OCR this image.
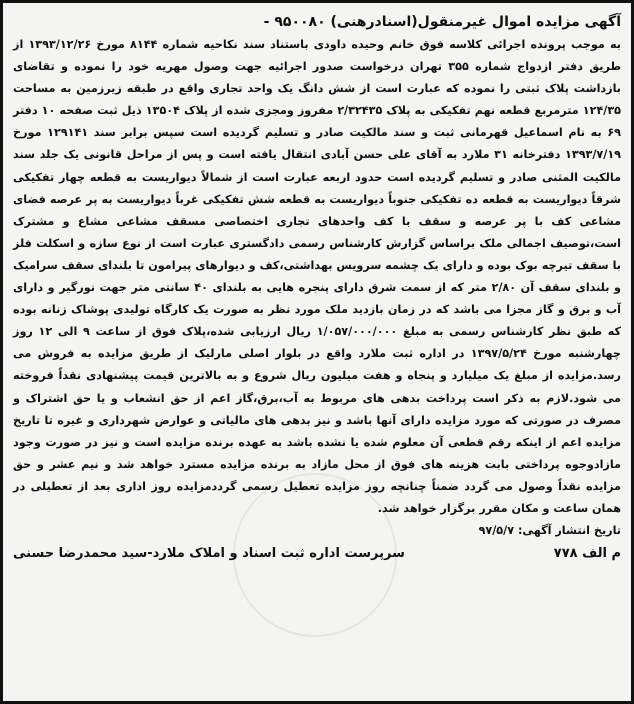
آگهی مزایده اموال غیرمنقول(اسنادرهنی) ۹۵۰۰۸۰ -

به موجب پرونده اجرائی کلاسه فوق خانم وحیده داودی باستناد سند نکاحیه شماره ۸۱۴۴ مورخ ۱۳۹۳/۱۲/۲۶ از طریق دفتر ازدواج شماره ۳۵۵ تهران درخواست صدور اجرائیه جهت وصول مهریه خود را نموده و تقاضای بازداشت پلاک ثبتی را نموده که عبارت است از شش دانگ یک واحد تجاری واقع در طبقه زیرزمین به مساحت ۱۲۴/۳۵ مترمربع قطعه نهم تفکیکی به پلاک ۲/۳۲۴۳۵ مفروز ومجزی شده از پلاک ۱۳۵۰۴ ذیل ثبت صفحه ۱۰ دفتر ۶۹ به نام اسماعیل قهرمانی ثبت و سند مالکیت صادر و تسلیم گردیده است سپس برابر سند ۱۲۹۱۴۱ مورخ ۱۳۹۳/۷/۱۹ دفترخانه ۳۱ ملارد به آقای علی حسن آبادی انتقال یافته است و پس از مراحل قانونی یک جلد سند مالکیت المثنی صادر و تسلیم گردیده است حدود اربعه عبارت است از شمالاً دیواریست به قطعه چهار تفکیکی شرقاً دیواریست به قطعه ده تفکیکی جنوباً دیواریست به قطعه شش تفکیکی غرباً دیواریست به پر عرصه فضای مشاعی کف با پر عرصه و سقف با کف واحدهای تجاری اختصاصی مسقف مشاعی مشاع و مشترک است،توصیف اجمالی ملک براساس گزارش کارشناس رسمی دادگستری عبارت است از نوع سازه و اسکلت فلز با سقف تیرچه بوک بوده و دارای یک چشمه سرویس بهداشتی،کف و دیوارهای پیرامون تا بلندای سقف سرامیک و بلندای سقف آن ۲/۸۰ متر که از سمت شرق دارای پنجره هایی به بلندای ۴۰ سانتی متر جهت نورگیر و دارای آب و برق و گاز مجزا می باشد که در زمان بازدید ملک مورد نظر به صورت یک کارگاه تولیدی پوشاک زنانه بوده که طبق نظر کارشناس رسمی به مبلغ ۱/۰۵۷/۰۰۰/۰۰۰ ریال ارزیابی شده،پلاک فوق از ساعت ۹ الی ۱۲ روز چهارشنبه مورخ ۱۳۹۷/۵/۲۴ در اداره ثبت ملارد واقع در بلوار اصلی مارلیک از طریق مزایده به فروش می رسد.مزایده از مبلغ یک میلیارد و پنجاه و هفت میلیون ریال شروع و به بالاترین قیمت پیشنهادی نقداً فروخته می شود.لازم به ذکر است پرداخت بدهی های مربوط به آب،برق،گاز اعم از حق انشعاب و یا حق اشتراک و مصرف در صورتی که مورد مزایده دارای آنها باشد و نیز بدهی های مالیاتی و عوارض شهرداری و غیره تا تاریخ مزایده اعم از اینکه رقم قطعی آن معلوم شده یا نشده باشد به عهده برنده مزایده است و نیز در صورت وجود مازادوجوه پرداختی بابت هزینه های فوق از محل مازاد به برنده مزایده مسترد خواهد شد و نیم عشر و حق مزایده نقداً وصول می گردد ضمناً چنانچه روز مزایده تعطیل رسمی گرددمزایده روز اداری بعد از تعطیلی در همان ساعت و مکان مقرر برگزار خواهد شد.

تاریخ انتشار آگهی: ۹۷/۵/۷

م الف ۷۷۸
سرپرست اداره ثبت اسناد و املاک ملارد-سید محمدرضا حسنی
